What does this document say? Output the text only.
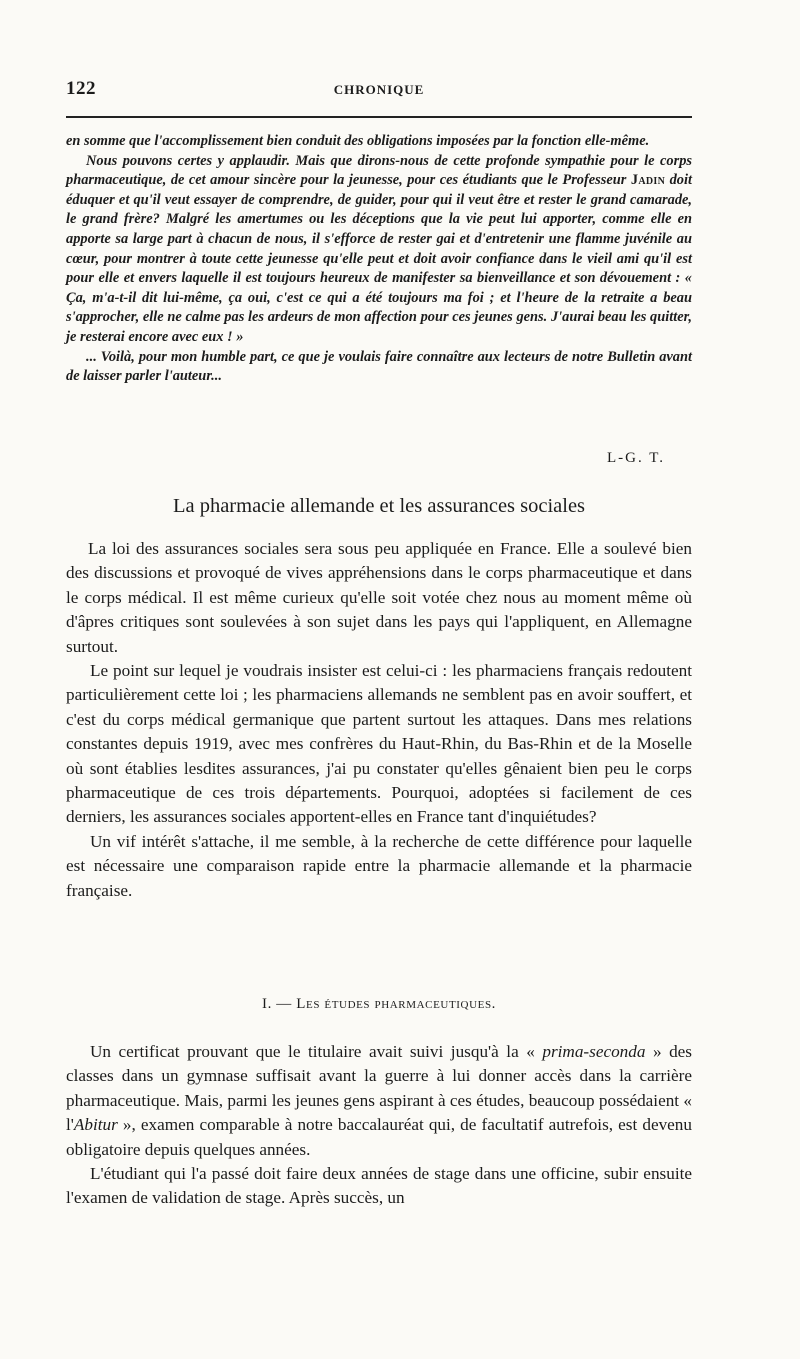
122	CHRONIQUE

en somme que l'accomplissement bien conduit des obligations imposées par la fonction elle-même.

Nous pouvons certes y applaudir. Mais que dirons-nous de cette profonde sympathie pour le corps pharmaceutique, de cet amour sincère pour la jeunesse, pour ces étudiants que le Professeur Jadin doit éduquer et qu'il veut essayer de comprendre, de guider, pour qui il veut être et rester le grand camarade, le grand frère? Malgré les amertumes ou les déceptions que la vie peut lui apporter, comme elle en apporte sa large part à chacun de nous, il s'efforce de rester gai et d'entretenir une flamme juvénile au cœur, pour montrer à toute cette jeunesse qu'elle peut et doit avoir confiance dans le vieil ami qu'il est pour elle et envers laquelle il est toujours heureux de manifester sa bienveillance et son dévouement : « Ça, m'a-t-il dit lui-même, ça oui, c'est ce qui a été toujours ma foi ; et l'heure de la retraite a beau s'approcher, elle ne calme pas les ardeurs de mon affection pour ces jeunes gens. J'aurai beau les quitter, je resterai encore avec eux ! »

... Voilà, pour mon humble part, ce que je voulais faire connaître aux lecteurs de notre Bulletin avant de laisser parler l'auteur...

L-G. T.
La pharmacie allemande et les assurances sociales

La loi des assurances sociales sera sous peu appliquée en France. Elle a soulevé bien des discussions et provoqué de vives appréhensions dans le corps pharmaceutique et dans le corps médical. Il est même curieux qu'elle soit votée chez nous au moment même où d'âpres critiques sont soulevées à son sujet dans les pays qui l'appliquent, en Allemagne surtout.

Le point sur lequel je voudrais insister est celui-ci : les pharmaciens français redoutent particulièrement cette loi ; les pharmaciens allemands ne semblent pas en avoir souffert, et c'est du corps médical germanique que partent surtout les attaques. Dans mes relations constantes depuis 1919, avec mes confrères du Haut-Rhin, du Bas-Rhin et de la Moselle où sont établies lesdites assurances, j'ai pu constater qu'elles gênaient bien peu le corps pharmaceutique de ces trois départements. Pourquoi, adoptées si facilement de ces derniers, les assurances sociales apportent-elles en France tant d'inquiétudes?

Un vif intérêt s'attache, il me semble, à la recherche de cette différence pour laquelle est nécessaire une comparaison rapide entre la pharmacie allemande et la pharmacie française.

I. — Les études pharmaceutiques.

Un certificat prouvant que le titulaire avait suivi jusqu'à la « prima-seconda » des classes dans un gymnase suffisait avant la guerre à lui donner accès dans la carrière pharmaceutique. Mais, parmi les jeunes gens aspirant à ces études, beaucoup possédaient « l'Abitur », examen comparable à notre baccalauréat qui, de facultatif autrefois, est devenu obligatoire depuis quelques années.

L'étudiant qui l'a passé doit faire deux années de stage dans une officine, subir ensuite l'examen de validation de stage. Après succès, un
